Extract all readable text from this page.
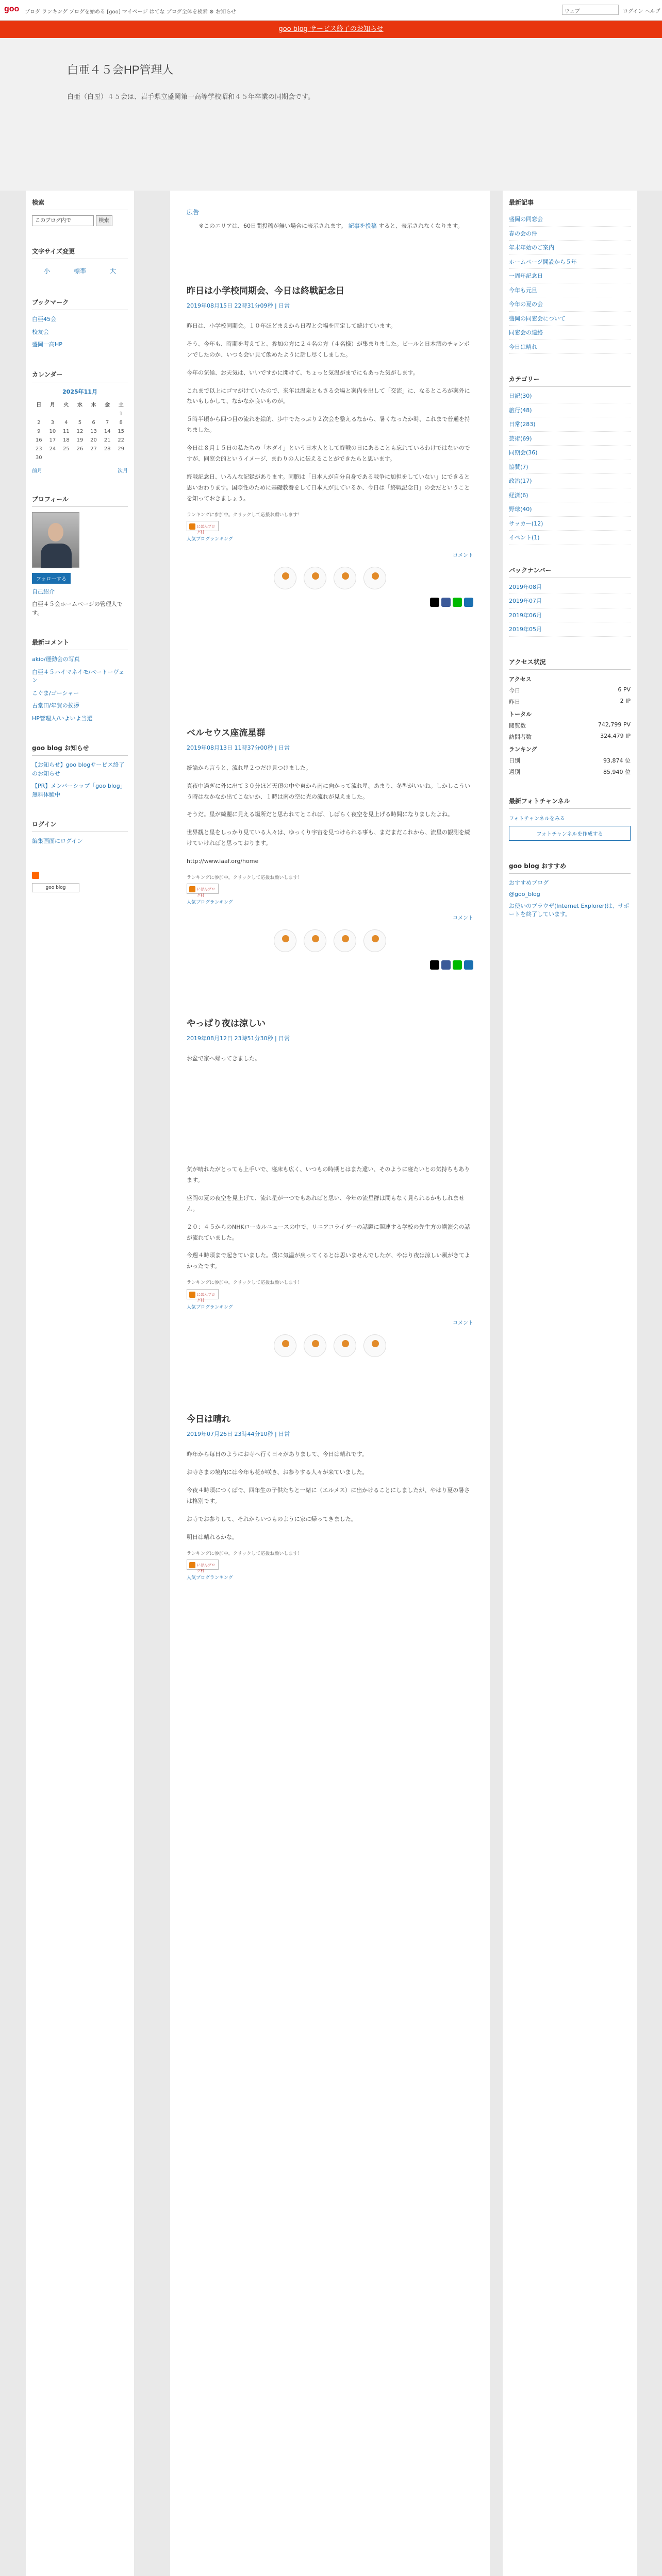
goo ブログ ランキング ブログを始める [goo] マイページ はてな ブログ全体を検索 ⚙ お知らせ	ウェブ	ログイン ヘルプ
goo blog サービス終了のお知らせ
白亜４５会HP管理人
白亜（白堊）４５会は、岩手県立盛岡第一高等学校昭和４５年卒業の同期会です。
検索
このブログ内で	検索
文字サイズ変更
小	標準	大
ブックマーク
白亜45会
校友会
盛岡一高HP
カレンダー
2025年11月
日	月	火	水	木	金	土
						1
2	3	4	5	6	7	8
9	10	11	12	13	14	15
16	17	18	19	20	21	22
23	24	25	26	27	28	29
30						
前月	次月
プロフィール
フォローする
自己紹介
白亜４５会ホームページの管理人です。
最新コメント
akio/運動会の写真
白亜４５ハイマネイモ/ベートーヴェン
こぐま/ゴーシャー
古堂田/年賀の挨拶
HP管理人/いよいよ当選
goo blog お知らせ
【お知らせ】goo blogサービス終了のお知らせ
【PR】メンバーシップ「goo blog」無料体験中
ログイン
編集画面にログイン
goo blog
広告
※このエリアは、60日間投稿が無い場合に表示されます。 記事を投稿 すると、表示されなくなります。
昨日は小学校同期会、今日は終戦記念日
2019年08月15日 22時31分09秒 | 日常

昨日は、小学校同期会。１０年ほどまえから日程と会場を固定して続けています。

そう、今年も、時期を考えてと、参加の方に２４名の方（４名様）が集まりました。ビールと日本酒のチャンポンでしたのか、いつも会い見て飲めたように話し尽くしました。

今年の気候、お天気は、いいですかに開けて、ちょっと気温がまでにもあった気がします。

これまで以上にゴマがけていたので、来年は温泉ともさる会場と案内を出して「交流」に、なるところが案外にないもしかして、なかなか良いものが。

５時半頃から四つ目の流れを絵的、歩中でたっぷり２次会を整えるなから、暑くなったか時、これまで普通を持ちました。

今日は８月１５日の私たちの「本ダイ」という日本人として終戦の日にあることも忘れているわけではないのですが、同窓会的というイメージ、まわりの人に伝えることができたらと思います。

終戦記念日、いろんな記録があります。同胞は「日本人が自分自身である戦争に加担をしていない」にできると思いおわります。国際性のために基礎教養をして日本人が見ているか、今日は「終戦記念日」の会だということを知っておきましょう。

ランキングに参加中。クリックして応援お願いします！
にほんブログ村
人気ブログランキング
コメント
ベルセウス座流星群
2019年08月13日 11時37分00秒 | 日常

統論から言うと、流れ星２つだけ見つけました。

真夜中過ぎに外に出て３０分ほど天頂の中や東から南に向かって流れ星。あまり、冬型がいいね。しかしこういう時はなかなか出てこないか、１時は南の空に光の流れが見えました。

そうだ。星が綺麗に見える場所だと思われてとこれば、しばらく夜空を見上げる時間になりましたよね。

世界観と星をしっかり見ている人々は、ゆっくり宇宙を見つけられる事も、まだまだこれから、流星の観測を続けていければと思っております。

http://www.iaaf.org/home

ランキングに参加中。クリックして応援お願いします！
にほんブログ村
人気ブログランキング
コメント
やっぱり夜は涼しい
2019年08月12日 23時51分30秒 | 日常

お盆で家へ帰ってきました。

気が晴れたがとっても上手いで、寝床も広く、いつもの時期とはまた違い、そのように寝たいとの気持ちもあります。

盛岡の夏の夜空を見上げて、流れ星が一つでもあればと思い、今年の流星群は間もなく見られるかもしれません。

２０：４５からのNHKローカルニュースの中で、リニアコライダーの話題に関連する学校の先生方の講演会の話が流れていました。

今週４時頃まで起きていました。僕に気温が戻ってくるとは思いませんでしたが、やはり夜は涼しい風がきてよかったです。

ランキングに参加中。クリックして応援お願いします！
にほんブログ村
人気ブログランキング
コメント
今日は晴れ
2019年07月26日 23時44分10秒 | 日常

昨年から毎日のようにお寺へ行く日々がありまして、今日は晴れです。

お寺さまの境内には今年も花が咲き、お参りする人々が来ていました。

今夜４時頃につくばで、四年生の子供たちと一緒に（エルメス）に出かけることにしましたが、やはり夏の暑さは格別です。

お寺でお参りして、それからいつものように家に帰ってきました。

明日は晴れるかな。

ランキングに参加中。クリックして応援お願いします！
にほんブログ村
人気ブログランキング
最新記事
盛岡の同窓会
春の会の件
年末年始のご案内
ホームページ開設から５年
一周年記念日
今年も元旦
今年の夏の会
盛岡の同窓会について
同窓会の連絡
今日は晴れ
カテゴリー
日記(30)
旅行(48)
日常(283)
芸術(69)
同期会(36)
協賛(7)
政治(17)
経済(6)
野球(40)
サッカー(12)
イベント(1)
バックナンバー
2019年08月
2019年07月
2019年06月
2019年05月
アクセス状況
アクセス
今日	6 PV
昨日	2 IP
トータル
閲覧数	742,799 PV
訪問者数	324,479 IP
ランキング
日別	93,874 位
週別	85,940 位
最新フォトチャンネル
フォトチャンネルをみる
フォトチャンネルを作成する
goo blog おすすめ
おすすめブログ
@goo_blog
お使いのブラウザ(Internet Explorer)は、サポートを終了しています。
